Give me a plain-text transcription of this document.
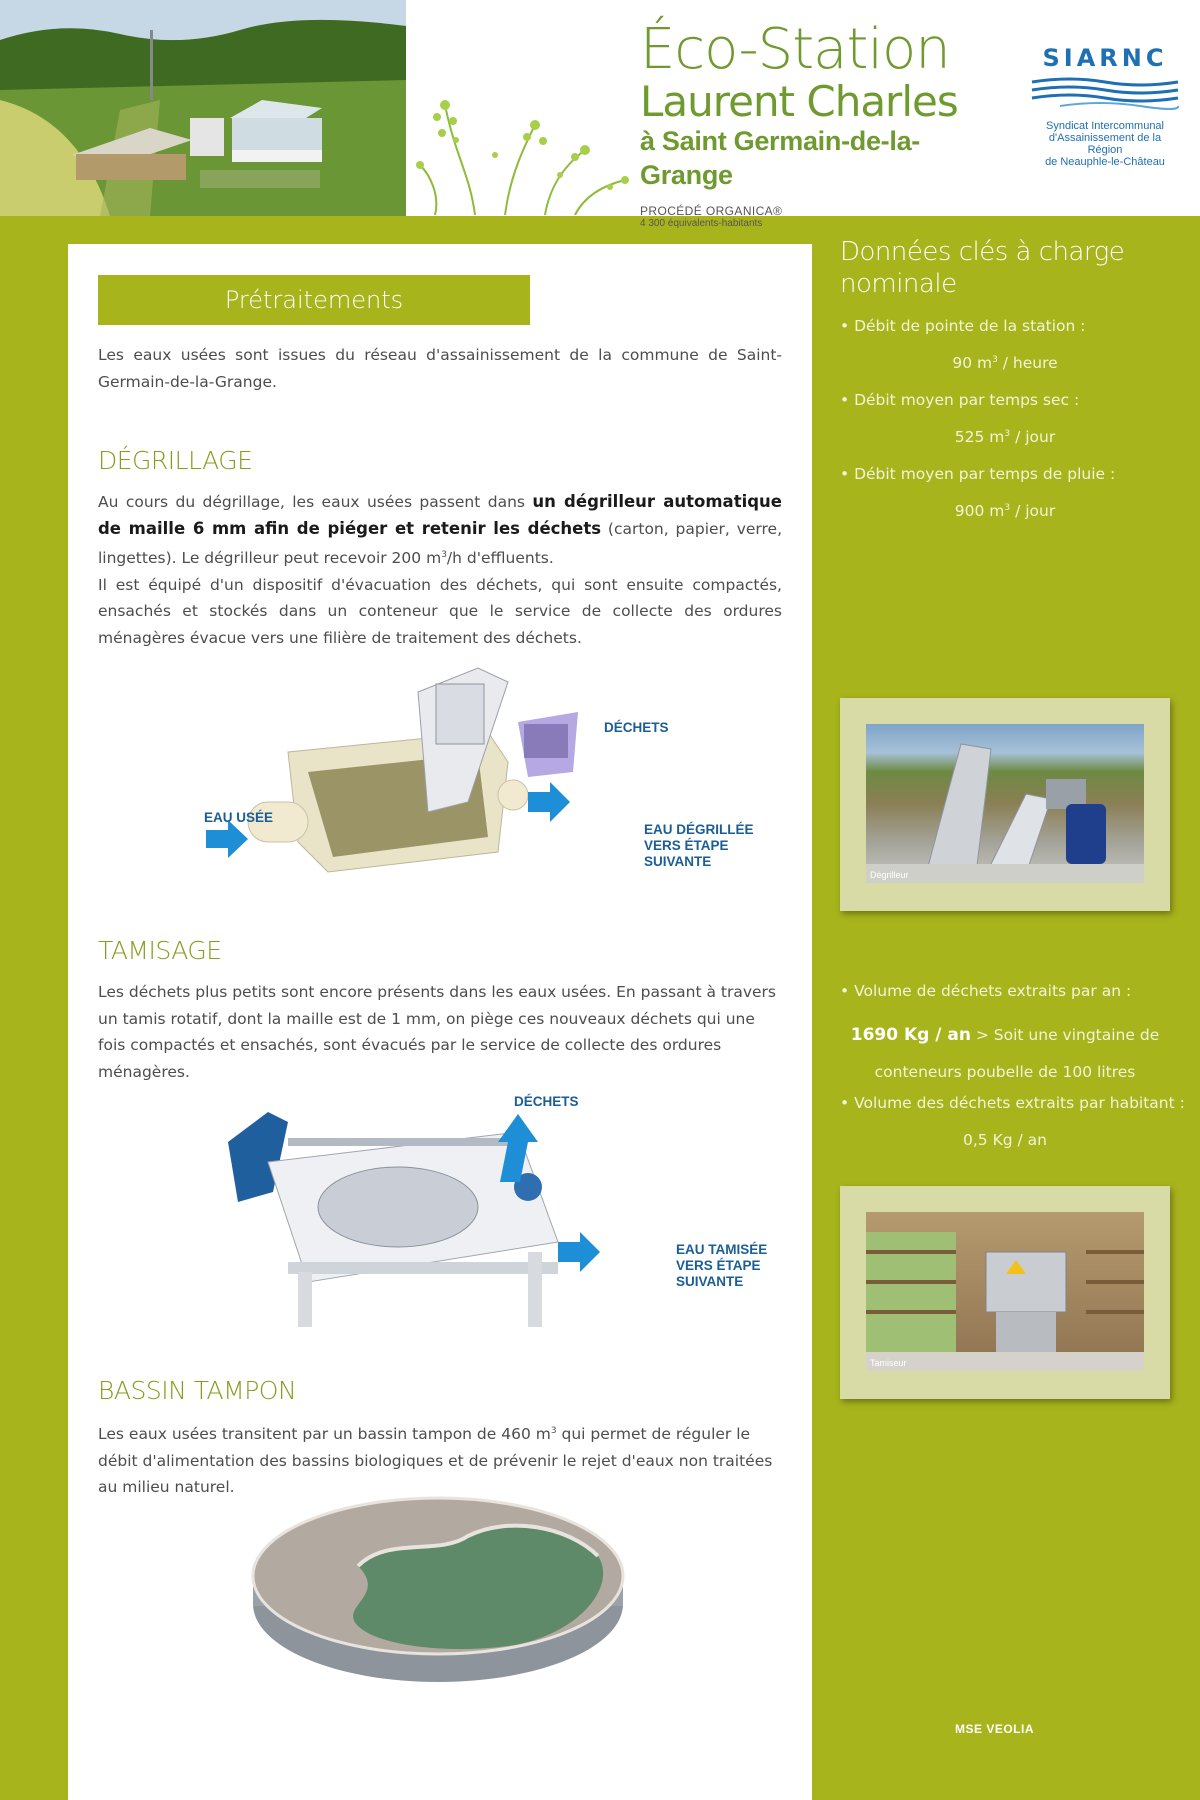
Éco-Station
Laurent Charles
à Saint Germain-de-la-Grange
PROCÉDÉ ORGANICA®
4 300 équivalents-habitants
SIARNC
Syndicat Intercommunal
d'Assainissement de la Région
de Neauphle-le-Château
Prétraitements
Les eaux usées sont issues du réseau d'assainissement de la commune de Saint-Germain-de-la-Grange.
DÉGRILLAGE
Au cours du dégrillage, les eaux usées passent dans un dégrilleur automatique de maille 6 mm afin de piéger et retenir les déchets (carton, papier, verre, lingettes). Le dégrilleur peut recevoir 200 $m^3/h$ d'effluents.
Il est équipé d'un dispositif d'évacuation des déchets, qui sont ensuite compactés, ensachés et stockés dans un conteneur que le service de collecte des ordures ménagères évacue vers une filière de traitement des déchets.
EAU USÉE
DÉCHETS
EAU DÉGRILLÉE
VERS ÉTAPE
SUIVANTE
TAMISAGE
Les déchets plus petits sont encore présents dans les eaux usées. En passant à travers un tamis rotatif, dont la maille est de 1 mm, on piège ces nouveaux déchets qui une fois compactés et ensachés, sont évacués par le service de collecte des ordures ménagères.
DÉCHETS
EAU TAMISÉE
VERS ÉTAPE
SUIVANTE
BASSIN TAMPON
Les eaux usées transitent par un bassin tampon de 460 $m^3$ qui permet de réguler le débit d'alimentation des bassins biologiques et de prévenir le rejet d'eaux non traitées au milieu naturel.
Données clés à charge nominale
• Débit de pointe de la station :
90 $m^3$ / heure
• Débit moyen par temps sec :
525 $m^3$ / jour
• Débit moyen par temps de pluie :
900 $m^3$ / jour
Dégrilleur
• Volume de déchets extraits par an :
1690 Kg / an > Soit une vingtaine de conteneurs poubelle de 100 litres
• Volume des déchets extraits par habitant :
0,5 Kg / an
Tamiseur
MSE VEOLIA
